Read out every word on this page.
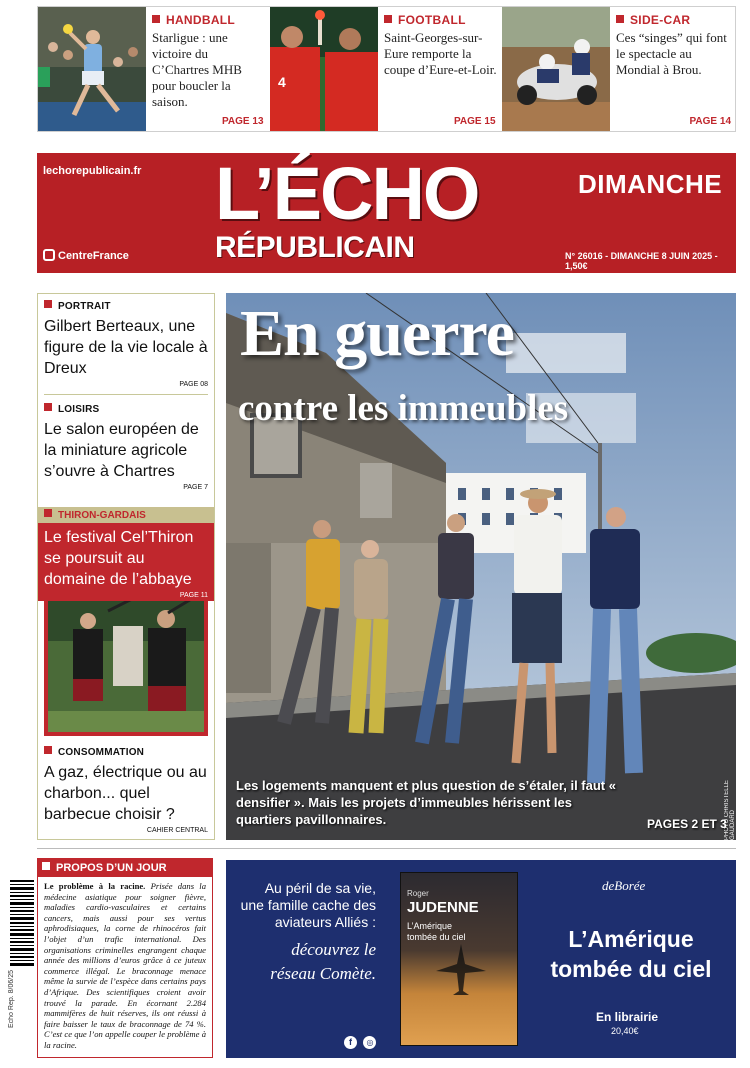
HANDBALL
Starligue : une victoire du C’Chartres MHB pour boucler la saison.
PAGE 13
4
FOOTBALL
Saint-Georges-sur-Eure remporte la coupe d’Eure-et-Loir.
PAGE 15
SIDE-CAR
Ces “singes” qui font le spectacle au Mondial à Brou.
PAGE 14
lechorepublicain.fr L’ÉCHO
RÉPUBLICAIN
DIMANCHE
N° 26016 - DIMANCHE 8 JUIN 2025 - 1,50€
CentreFrance
PORTRAIT
Gilbert Berteaux, une figure de la vie locale à Dreux
PAGE 08
LOISIRS
Le salon européen de la miniature agricole s’ouvre à Chartres
PAGE 7
THIRON-GARDAIS
Le festival Cel’Thiron se poursuit au domaine de l’abbaye
PAGE 11
CONSOMMATION
A gaz, électrique ou au charbon... quel barbecue choisir ?
CAHIER CENTRAL
En guerre
contre les immeubles
Les logements manquent et plus question de s’étaler, il faut « densifier ». Mais les projets d’immeubles hérissent les quartiers pavillonnaires.	PAGES 2 ET 3
PHOTO CHRISTELLE GAUDARD
Echo Rep. 8/06/25
PROPOS D’UN JOUR
Le problème à la racine. Prisée dans la médecine asiatique pour soigner fièvre, maladies cardio-vasculaires et certains cancers, mais aussi pour ses vertus aphrodisiaques, la corne de rhinocéros fait l’objet d’un trafic international. Des organisations criminelles engrangent chaque année des millions d’euros grâce à ce juteux commerce illégal. Le braconnage menace même la survie de l’espèce dans certains pays d’Afrique. Des scientifiques croient avoir trouvé la parade. En écornant 2.284 mammifères de huit réserves, ils ont réussi à faire baisser le taux de braconnage de 74 %. C’est ce que l’on appelle couper le problème à la racine.
Au péril de sa vie, une famille cache des aviateurs Alliés :
découvrez le réseau Comète.
f ◎
Roger
JUDENNE
L’Amérique tombée du ciel
deBorée
L’Amérique tombée du ciel
En librairie
20,40€
